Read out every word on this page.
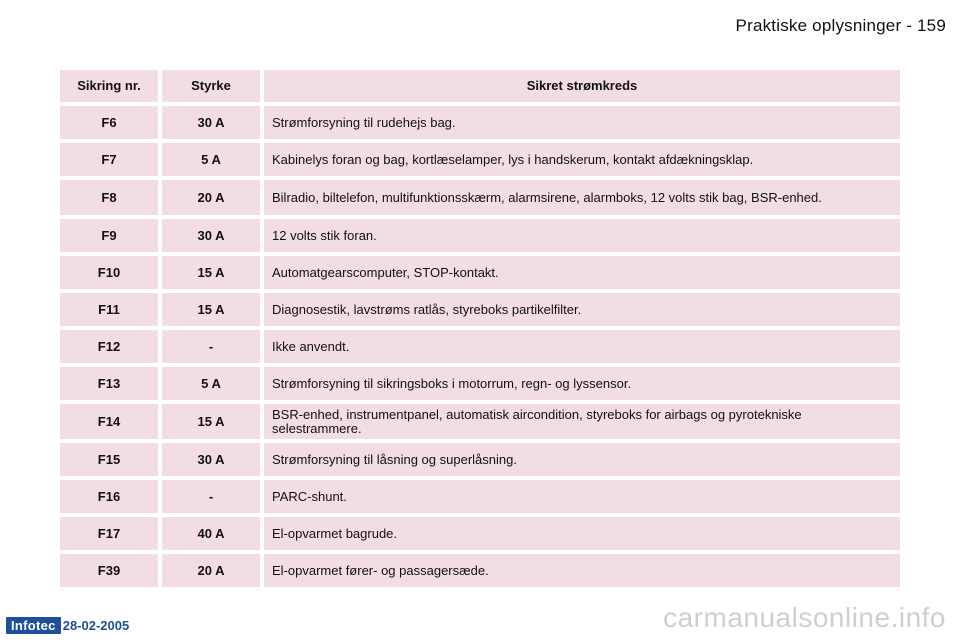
Praktiske oplysninger - 159
Sikring nr.	Styrke	Sikret strømkreds
F6	30 A	Strømforsyning til rudehejs bag.
F7	5 A	Kabinelys foran og bag, kortlæselamper, lys i handskerum, kontakt afdækningsklap.
F8	20 A	Bilradio, biltelefon, multifunktionsskærm, alarmsirene, alarmboks, 12 volts stik bag, BSR-enhed.
F9	30 A	12 volts stik foran.
F10	15 A	Automatgearscomputer, STOP-kontakt.
F11	15 A	Diagnosestik, lavstrøms ratlås, styreboks partikelfilter.
F12	-	Ikke anvendt.
F13	5 A	Strømforsyning til sikringsboks i motorrum, regn- og lyssensor.
F14	15 A	BSR-enhed, instrumentpanel, automatisk aircondition, styreboks for airbags og pyrotekniske selestrammere.
F15	30 A	Strømforsyning til låsning og superlåsning.
F16	-	PARC-shunt.
F17	40 A	El-opvarmet bagrude.
F39	20 A	El-opvarmet fører- og passagersæde.
Infotec 28-02-2005	carmanualsonline.info
